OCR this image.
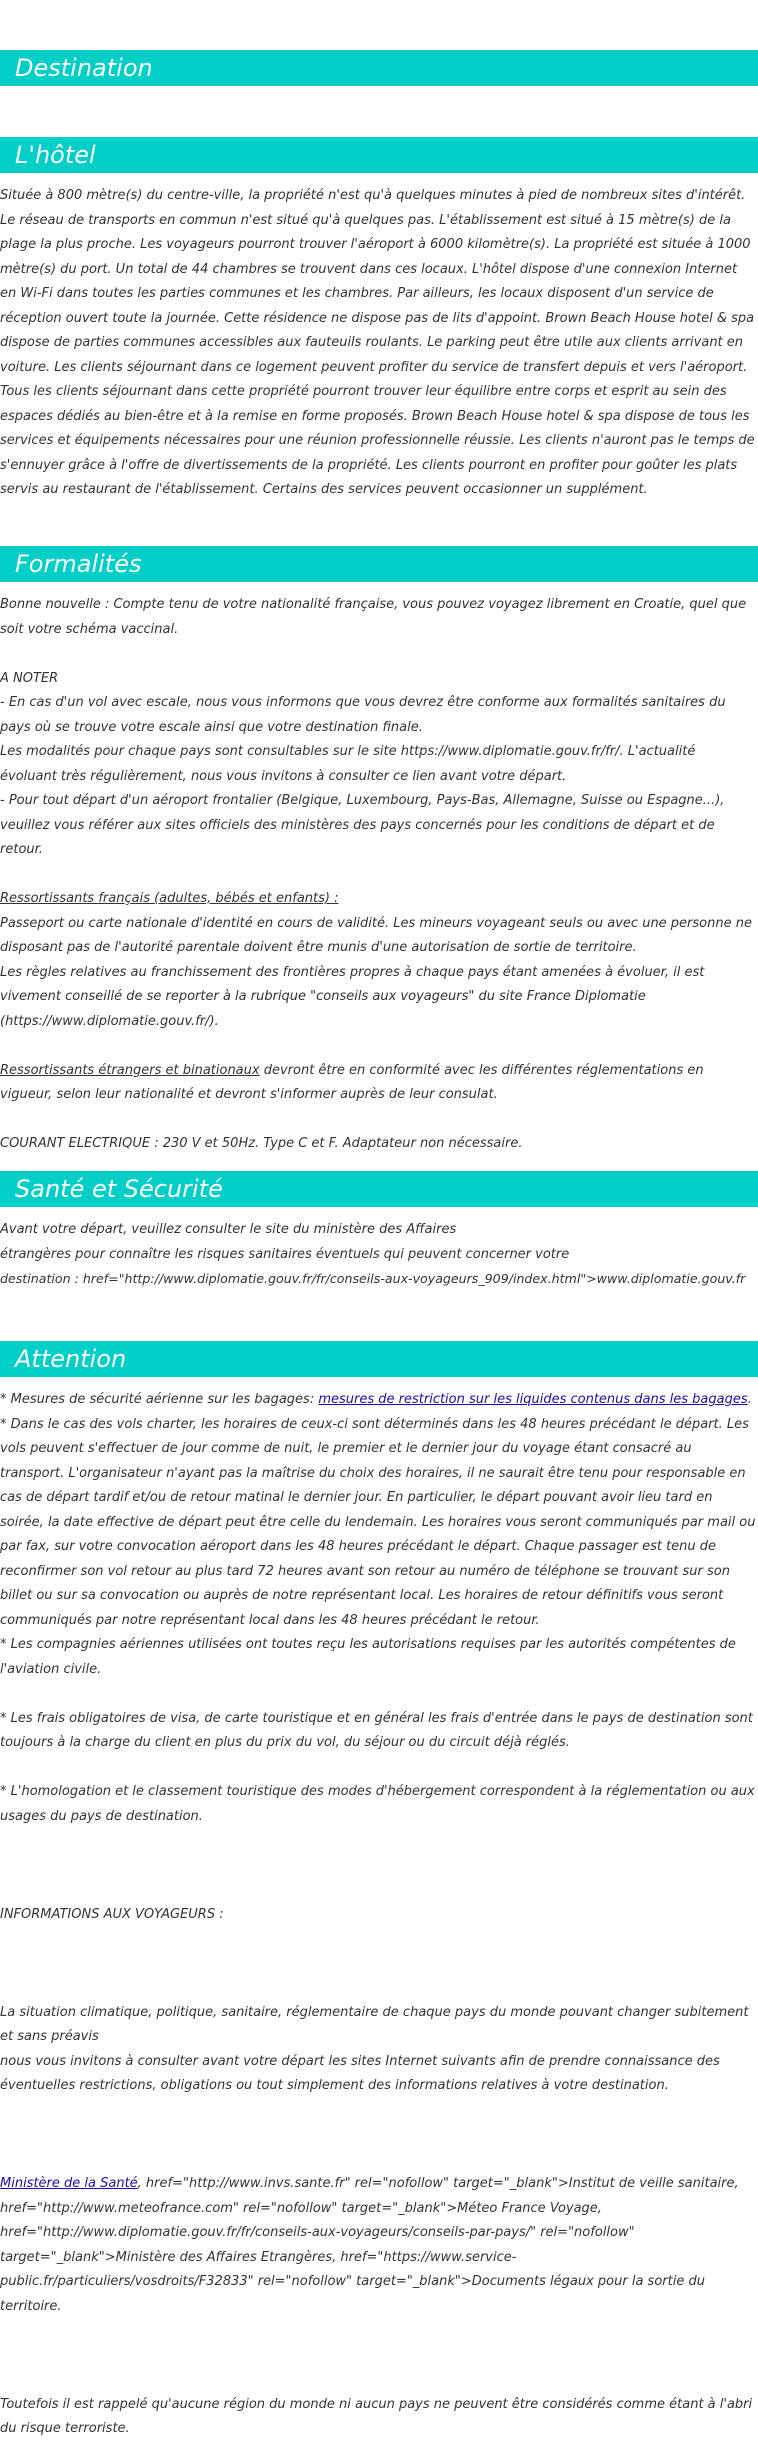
Destination
L'hôtel

Située à 800 mètre(s) du centre-ville, la propriété n'est qu'à quelques minutes à pied de nombreux sites d'intérêt. Le réseau de transports en commun n'est situé qu'à quelques pas. L'établissement est situé à 15 mètre(s) de la plage la plus proche. Les voyageurs pourront trouver l'aéroport à 6000 kilomètre(s). La propriété est située à 1000 mètre(s) du port. Un total de 44 chambres se trouvent dans ces locaux. L'hôtel dispose d'une connexion Internet en Wi-Fi dans toutes les parties communes et les chambres. Par ailleurs, les locaux disposent d'un service de réception ouvert toute la journée. Cette résidence ne dispose pas de lits d'appoint. Brown Beach House hotel & spa dispose de parties communes accessibles aux fauteuils roulants. Le parking peut être utile aux clients arrivant en voiture. Les clients séjournant dans ce logement peuvent profiter du service de transfert depuis et vers l'aéroport. Tous les clients séjournant dans cette propriété pourront trouver leur équilibre entre corps et esprit au sein des espaces dédiés au bien-être et à la remise en forme proposés. Brown Beach House hotel & spa dispose de tous les services et équipements nécessaires pour une réunion professionnelle réussie. Les clients n'auront pas le temps de s'ennuyer grâce à l'offre de divertissements de la propriété. Les clients pourront en profiter pour goûter les plats servis au restaurant de l'établissement. Certains des services peuvent occasionner un supplément.

Formalités

Bonne nouvelle : Compte tenu de votre nationalité française, vous pouvez voyagez librement en Croatie, quel que soit votre schéma vaccinal.

A NOTER

- En cas d'un vol avec escale, nous vous informons que vous devrez être conforme aux formalités sanitaires du pays où se trouve votre escale ainsi que votre destination finale.

Les modalités pour chaque pays sont consultables sur le site https://www.diplomatie.gouv.fr/fr/. L'actualité évoluant très régulièrement, nous vous invitons à consulter ce lien avant votre départ.

- Pour tout départ d'un aéroport frontalier (Belgique, Luxembourg, Pays-Bas, Allemagne, Suisse ou Espagne...), veuillez vous référer aux sites officiels des ministères des pays concernés pour les conditions de départ et de retour.

Ressortissants français (adultes, bébés et enfants) :

Passeport ou carte nationale d'identité en cours de validité. Les mineurs voyageant seuls ou avec une personne ne disposant pas de l'autorité parentale doivent être munis d'une autorisation de sortie de territoire.

Les règles relatives au franchissement des frontières propres à chaque pays étant amenées à évoluer, il est vivement conseillé de se reporter à la rubrique "conseils aux voyageurs" du site France Diplomatie (https://www.diplomatie.gouv.fr/).

Ressortissants étrangers et binationaux devront être en conformité avec les différentes réglementations en vigueur, selon leur nationalité et devront s'informer auprès de leur consulat.

COURANT ELECTRIQUE : 230 V et 50Hz. Type C et F. Adaptateur non nécessaire.

Santé et Sécurité

Avant votre départ, veuillez consulter le site du ministère des Affaires

étrangères pour connaître les risques sanitaires éventuels qui peuvent concerner votre

destination : href="http://www.diplomatie.gouv.fr/fr/conseils-aux-voyageurs_909/index.html">www.diplomatie.gouv.fr

Attention

* Mesures de sécurité aérienne sur les bagages: mesures de restriction sur les liquides contenus dans les bagages.

* Dans le cas des vols charter, les horaires de ceux-ci sont déterminés dans les 48 heures précédant le départ. Les vols peuvent s'effectuer de jour comme de nuit, le premier et le dernier jour du voyage étant consacré au transport. L'organisateur n'ayant pas la maîtrise du choix des horaires, il ne saurait être tenu pour responsable en cas de départ tardif et/ou de retour matinal le dernier jour. En particulier, le départ pouvant avoir lieu tard en soirée, la date effective de départ peut être celle du lendemain. Les horaires vous seront communiqués par mail ou par fax, sur votre convocation aéroport dans les 48 heures précédant le départ. Chaque passager est tenu de reconfirmer son vol retour au plus tard 72 heures avant son retour au numéro de téléphone se trouvant sur son billet ou sur sa convocation ou auprès de notre représentant local. Les horaires de retour définitifs vous seront communiqués par notre représentant local dans les 48 heures précédant le retour.

* Les compagnies aériennes utilisées ont toutes reçu les autorisations requises par les autorités compétentes de l'aviation civile.

* Les frais obligatoires de visa, de carte touristique et en général les frais d'entrée dans le pays de destination sont toujours à la charge du client en plus du prix du vol, du séjour ou du circuit déjà réglés.

* L'homologation et le classement touristique des modes d'hébergement correspondent à la réglementation ou aux usages du pays de destination.

INFORMATIONS AUX VOYAGEURS :

La situation climatique, politique, sanitaire, réglementaire de chaque pays du monde pouvant changer subitement et sans préavis

nous vous invitons à consulter avant votre départ les sites Internet suivants afin de prendre connaissance des éventuelles restrictions, obligations ou tout simplement des informations relatives à votre destination.

Ministère de la Santé, href="http://www.invs.sante.fr" rel="nofollow" target="_blank">Institut de veille sanitaire, href="http://www.meteofrance.com" rel="nofollow" target="_blank">Méteo France Voyage, href="http://www.diplomatie.gouv.fr/fr/conseils-aux-voyageurs/conseils-par-pays/" rel="nofollow" target="_blank">Ministère des Affaires Etrangères, href="https://www.service-public.fr/particuliers/vosdroits/F32833" rel="nofollow" target="_blank">Documents légaux pour la sortie du territoire.

Toutefois il est rappelé qu'aucune région du monde ni aucun pays ne peuvent être considérés comme étant à l'abri du risque terroriste.
